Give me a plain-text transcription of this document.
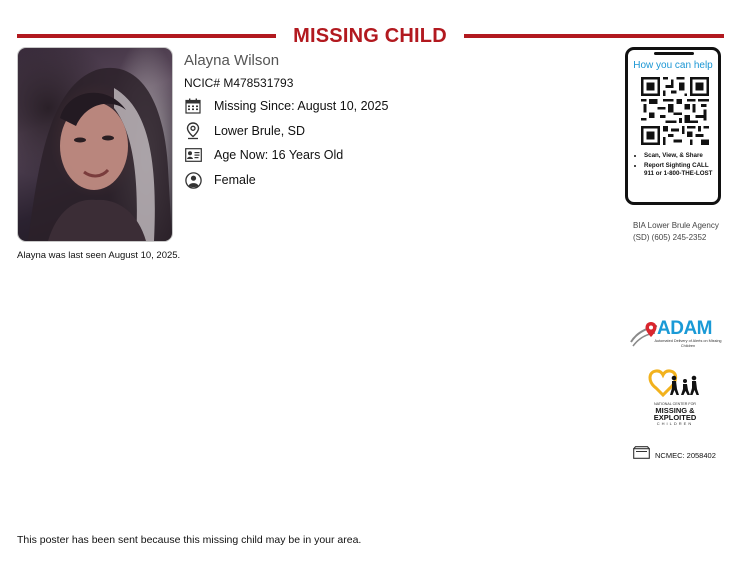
MISSING CHILD
Alayna Wilson
NCIC# M478531793
Missing Since: August 10, 2025
Lower Brule, SD
Age Now: 16 Years Old
Female
Alayna was last seen August 10, 2025.
How you can help
• Scan, View, & Share
• Report Sighting CALL 911 or 1-800-THE-LOST
BIA Lower Brule Agency (SD) (605) 245-2352
ADAM
Automated Delivery of Alerts on Missing Children
NATIONAL CENTER FOR
MISSING & EXPLOITED
CHILDREN
NCMEC: 2058402
This poster has been sent because this missing child may be in your area.
